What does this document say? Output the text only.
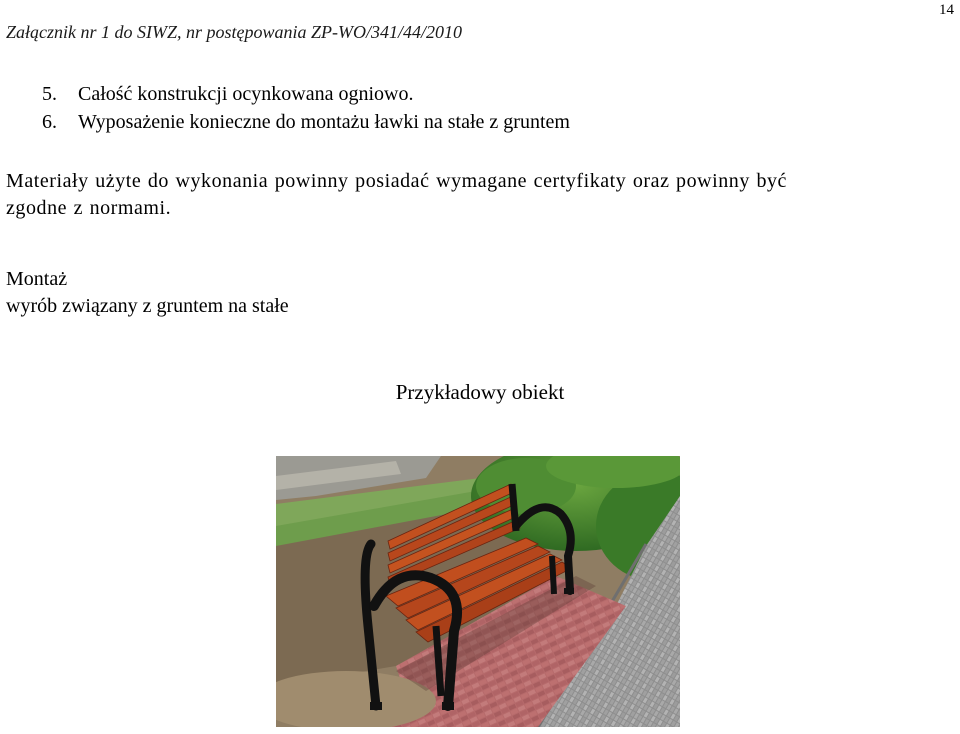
Załącznik nr 1 do SIWZ, nr postępowania ZP-WO/341/44/2010
14
5.	Całość konstrukcji ocynkowana ogniowo.
6.	Wyposażenie konieczne do montażu ławki na stałe z gruntem
Materiały użyte do wykonania powinny posiadać wymagane certyfikaty oraz powinny być
zgodne z normami.
Montaż
wyrób związany z gruntem na stałe
Przykładowy obiekt
